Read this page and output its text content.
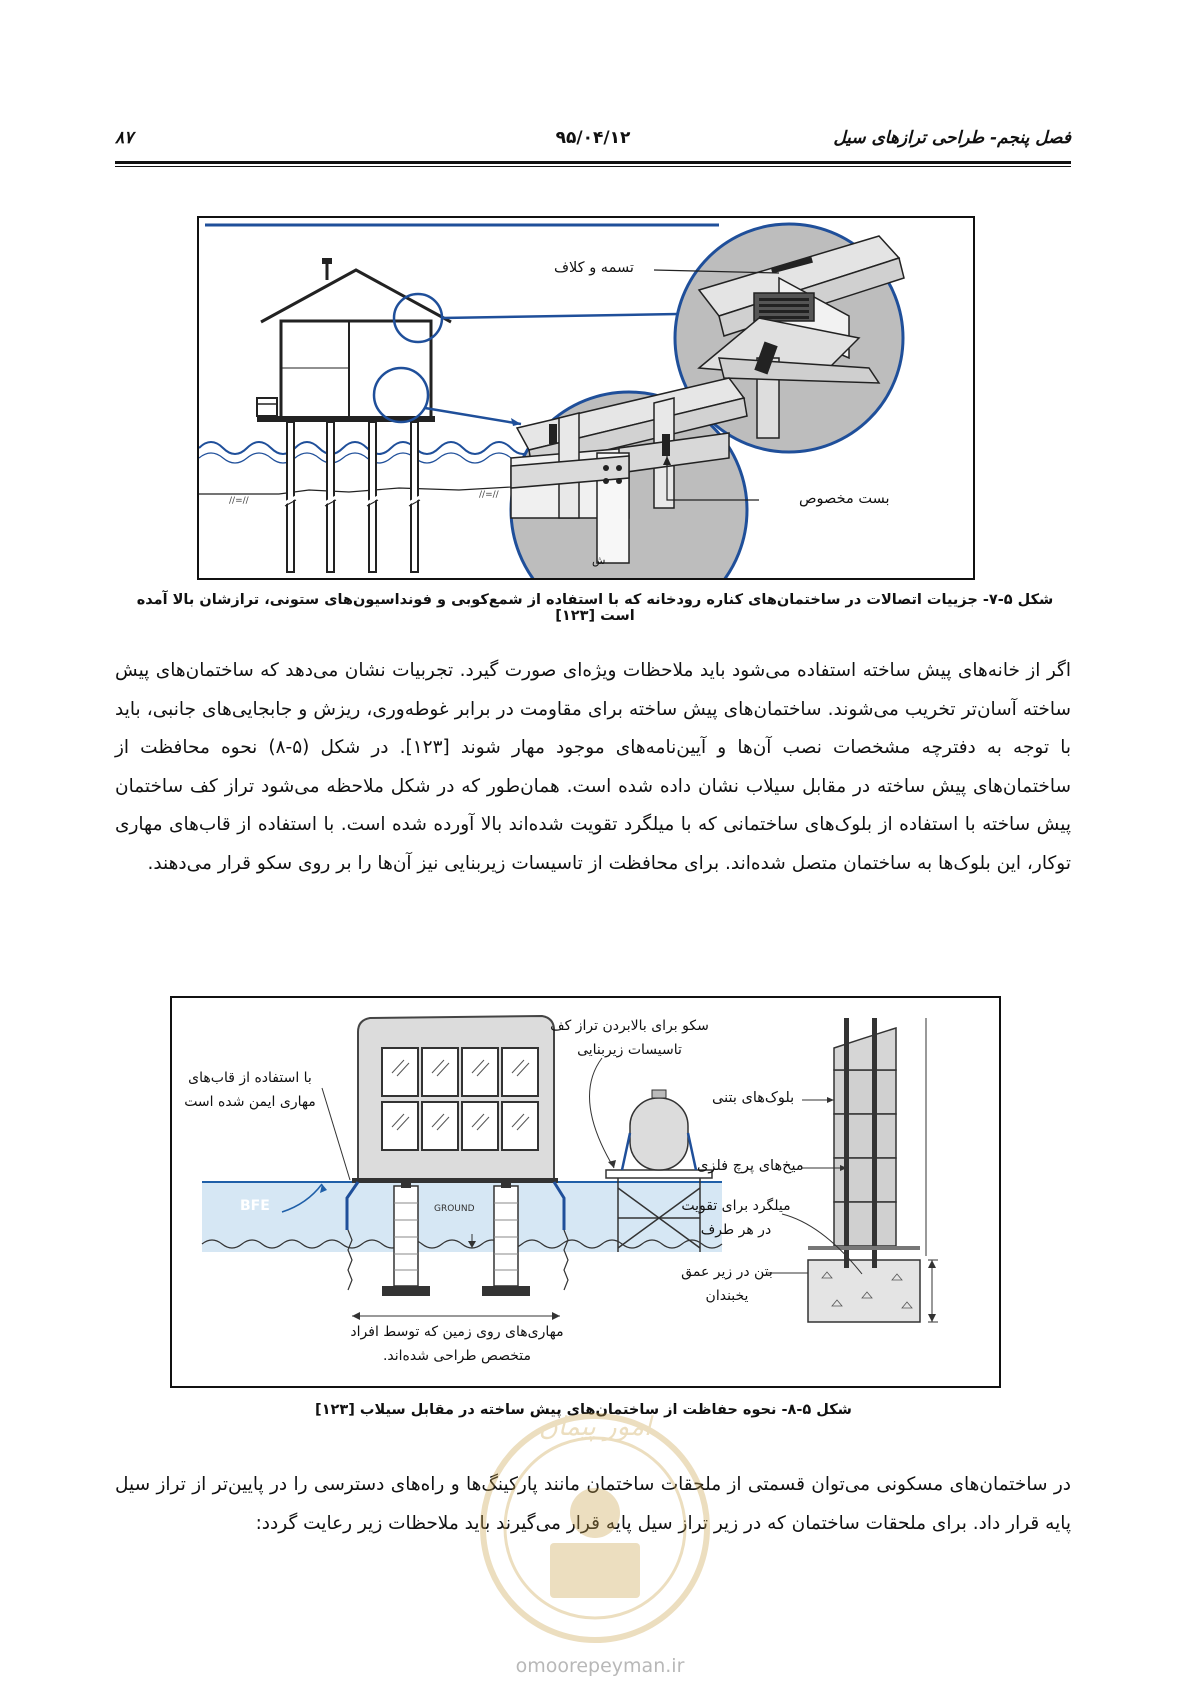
فصل پنجم- طراحی ترازهای سیل
۹۵/۰۴/۱۲
۸۷
//=//
//=//
تسمه و کلاف
بست مخصوص
ش
شکل ۵-۷- جزییات اتصالات در ساختمان‌های کناره رودخانه که با استفاده از شمع‌کوبی و فونداسیون‌های ستونی، ترازشان بالا آمده است [۱۲۳]
اگر از خانه‌های پیش ساخته استفاده می‌شود باید ملاحظات ویژه‌ای صورت گیرد. تجربیات نشان می‌دهد که ساختمان‌های پیش ساخته آسان‌تر تخریب می‌شوند. ساختمان‌های پیش ساخته برای مقاومت در برابر غوطه‌وری، ریزش و جابجایی‌های جانبی، باید با توجه به دفترچه مشخصات نصب آن‌ها و آیین‌نامه‌های موجود مهار شوند [۱۲۳]. در شکل (۵-۸) نحوه محافظت از ساختمان‌های پیش ساخته در مقابل سیلاب نشان داده شده است. همان‌طور که در شکل ملاحظه می‌شود تراز کف ساختمان پیش ساخته با استفاده از بلوک‌های ساختمانی که با میلگرد تقویت شده‌اند بالا آورده شده است. با استفاده از قاب‌های مهاری توکار، این بلوک‌ها به ساختمان متصل شده‌اند. برای محافظت از تاسیسات زیربنایی نیز آن‌ها را بر روی سکو قرار می‌دهند.
سکو برای بالابردن تراز کف
تاسیسات زیربنایی
با استفاده از قاب‌های
مهاری ایمن شده است	بلوک‌های بتنی
میخ‌های پرچ فلزی
میلگرد برای تقویت
در هر طرف
بتن در زیر عمق
یخبندان
مهاری‌های روی زمین که توسط افراد
متخصص طراحی شده‌اند.
BFE	GROUND
شکل ۵-۸- نحوه حفاظت از ساختمان‌های پیش ساخته در مقابل سیلاب [۱۲۳]
در ساختمان‌های مسکونی می‌توان قسمتی از ملحقات ساختمان مانند پارکینگ‌ها و راه‌های دسترسی را در پایین‌تر از تراز سیل پایه قرار داد. برای ملحقات ساختمان که در زیر تراز سیل پایه قرار می‌گیرند باید ملاحظات زیر رعایت گردد:
امور پیمان
omoorepeyman.ir
